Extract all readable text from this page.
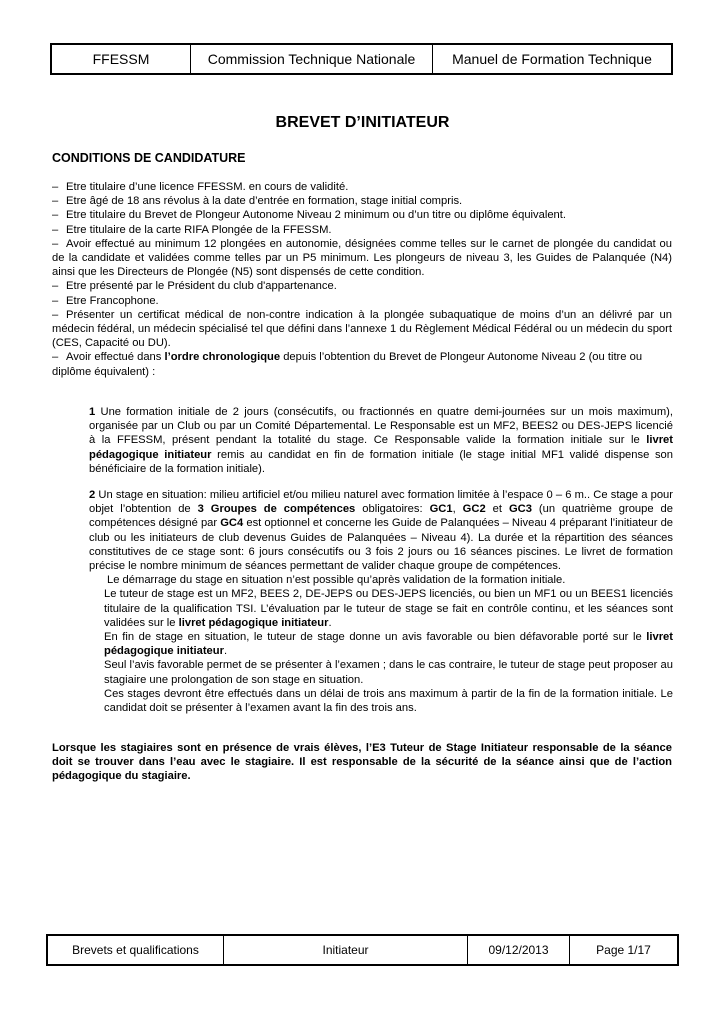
FFESSM	Commission Technique Nationale	Manuel de Formation Technique
BREVET D’INITIATEUR
CONDITIONS DE CANDIDATURE

– Etre titulaire d’une licence FFESSM. en cours de validité.

– Etre âgé de 18 ans révolus à la date d’entrée en formation, stage initial compris.

– Etre titulaire du Brevet de Plongeur Autonome Niveau 2 minimum ou d’un titre ou diplôme équivalent.

– Etre titulaire de la carte RIFA Plongée de la FFESSM.

– Avoir effectué au minimum 12 plongées en autonomie, désignées comme telles sur le carnet de plongée du candidat ou de la candidate et validées comme telles par un P5 minimum. Les plongeurs de niveau 3, les Guides de Palanquée (N4) ainsi que les Directeurs de Plongée (N5) sont dispensés de cette condition.

– Etre présenté par le Président du club d'appartenance.

– Etre Francophone.

– Présenter un certificat médical de non-contre indication à la plongée subaquatique de moins d’un an délivré par un médecin fédéral, un médecin spécialisé tel que défini dans l’annexe 1 du Règlement Médical Fédéral ou un médecin du sport (CES, Capacité ou DU).

– Avoir effectué dans l’ordre chronologique depuis l’obtention du Brevet de Plongeur Autonome Niveau 2 (ou titre ou diplôme équivalent) :

1 Une formation initiale de 2 jours (consécutifs, ou fractionnés en quatre demi-journées sur un mois maximum), organisée par un Club ou par un Comité Départemental. Le Responsable est un MF2, BEES2 ou DES-JEPS licencié à la FFESSM, présent pendant la totalité du stage. Ce Responsable valide la formation initiale sur le livret pédagogique initiateur remis au candidat en fin de formation initiale (le stage initial MF1 validé dispense son bénéficiaire de la formation initiale).

2 Un stage en situation: milieu artificiel et/ou milieu naturel avec formation limitée à l’espace 0 – 6 m.. Ce stage a pour objet l’obtention de 3 Groupes de compétences obligatoires: GC1, GC2 et GC3 (un quatrième groupe de compétences désigné par GC4 est optionnel et concerne les Guide de Palanquées – Niveau 4 préparant l’initiateur de club ou les initiateurs de club devenus Guides de Palanquées – Niveau 4). La durée et la répartition des séances constitutives de ce stage sont: 6 jours consécutifs ou 3 fois 2 jours ou 16 séances piscines. Le livret de formation précise le nombre minimum de séances permettant de valider chaque groupe de compétences.

Le démarrage du stage en situation n’est possible qu’après validation de la formation initiale.

Le tuteur de stage est un MF2, BEES 2, DE-JEPS ou DES-JEPS licenciés, ou bien un MF1 ou un BEES1 licenciés titulaire de la qualification TSI. L’évaluation par le tuteur de stage se fait en contrôle continu, et les séances sont validées sur le livret pédagogique initiateur.

En fin de stage en situation, le tuteur de stage donne un avis favorable ou bien défavorable porté sur le livret pédagogique initiateur.

Seul l’avis favorable permet de se présenter à l’examen ; dans le cas contraire, le tuteur de stage peut proposer au stagiaire une prolongation de son stage en situation.

Ces stages devront être effectués dans un délai de trois ans maximum à partir de la fin de la formation initiale. Le candidat doit se présenter à l’examen avant la fin des trois ans.

Lorsque les stagiaires sont en présence de vrais élèves, l’E3 Tuteur de Stage Initiateur responsable de la séance doit se trouver dans l’eau avec le stagiaire. Il est responsable de la sécurité de la séance ainsi que de l’action pédagogique du stagiaire.
Brevets et qualifications	Initiateur	09/12/2013	Page 1/17
